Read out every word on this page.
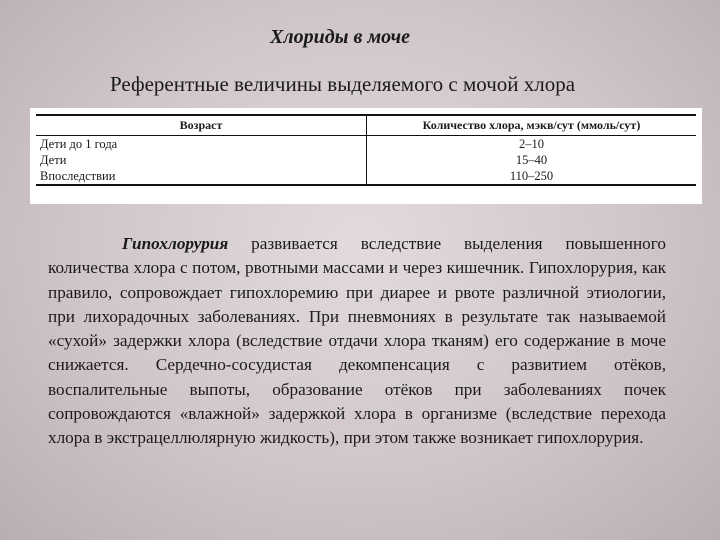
Хлориды в моче
Референтные величины выделяемого с мочой хлора
Возраст	Количество хлора, мэкв/сут (ммоль/сут)
Дети до 1 года	2–10
Дети	15–40
Впоследствии	110–250
Гипохлорурия развивается вследствие выделения повышенного количества хлора с потом, рвотными массами и через кишечник. Гипохлорурия, как правило, сопровождает гипохлоремию при диарее и рвоте различной этиологии, при лихорадочных заболеваниях. При пневмониях в результате так называемой «сухой» задержки хлора (вследствие отдачи хлора тканям) его содержание в моче снижается. Сердечно-сосудистая декомпенсация с развитием отёков, воспалительные выпоты, образование отёков при заболеваниях почек сопровождаются «влажной» задержкой хлора в организме (вследствие перехода хлора в экстрацеллюлярную жидкость), при этом также возникает гипохлорурия.
